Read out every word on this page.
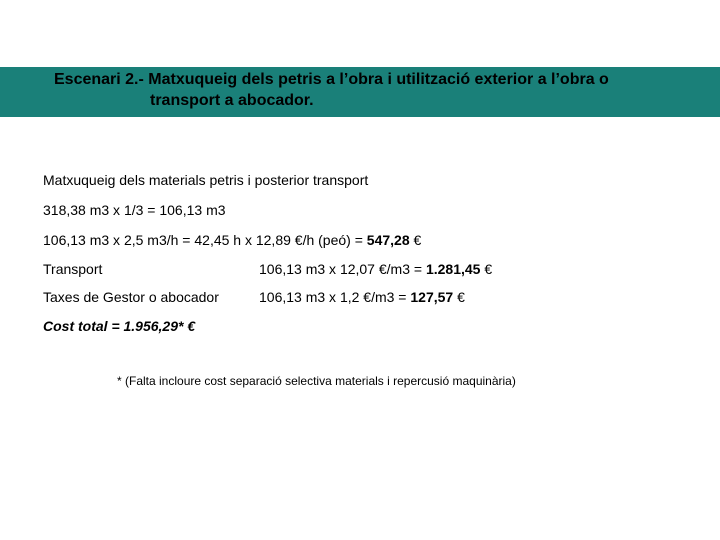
Escenari 2.- Matxuqueig dels petris a l’obra i utilització exterior a l’obra o
transport a abocador.
Matxuqueig dels materials petris i posterior transport
318,38 m3 x 1/3 = 106,13 m3
106,13 m3 x 2,5 m3/h = 42,45 h x 12,89 €/h (peó) = 547,28 €
Transport	106,13 m3 x 12,07 €/m3 = 1.281,45 €
Taxes de Gestor o abocador	106,13 m3 x 1,2 €/m3 = 127,57 €
Cost total = 1.956,29* €
* (Falta incloure cost separació selectiva materials i repercusió maquinària)
